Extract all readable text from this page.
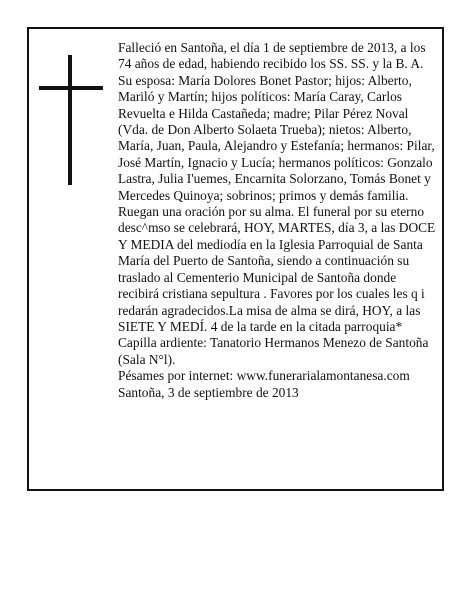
Falleció en Santoña, el día 1 de septiembre de 2013, a los 74 años de edad, habiendo recibido los SS. SS. y la B. A.

Su esposa: María Dolores Bonet Pastor; hijos: Alberto, Mariló y Martín; hijos políticos: María Caray, Carlos Revuelta e Hilda Castañeda; madre; Pilar Pérez Noval (Vda. de Don Alberto Solaeta Trueba); nietos: Alberto, María, Juan, Paula, Alejandro y Estefanía; hermanos: Pilar, José Martín, Ignacio y Lucía; hermanos políticos: Gonzalo Lastra, Julia I'uemes, Encarnita Solorzano, Tomás Bonet y Mercedes Quinoya; sobrinos; primos y demás familia.

Ruegan una oración por su alma. El funeral por su eterno desc^mso se celebrará, HOY, MARTES, día 3, a las DOCE Y MEDIA del mediodía en la Iglesia Parroquial de Santa María del Puerto de Santoña, siendo a continuación su traslado al Cementerio Municipal de Santoña donde recibirá cristiana sepultura . Favores por los cuales les q i redarán agradecidos.La misa de alma se dirá, HOY, a las SIETE Y MEDÍ. 4 de la tarde en la citada parroquia* Capilla ardiente: Tanatorio Hermanos Menezo de Santoña (Sala N°l).

Pésames por internet: www.funerarialamontanesa.com

Santoña, 3 de septiembre de 2013
